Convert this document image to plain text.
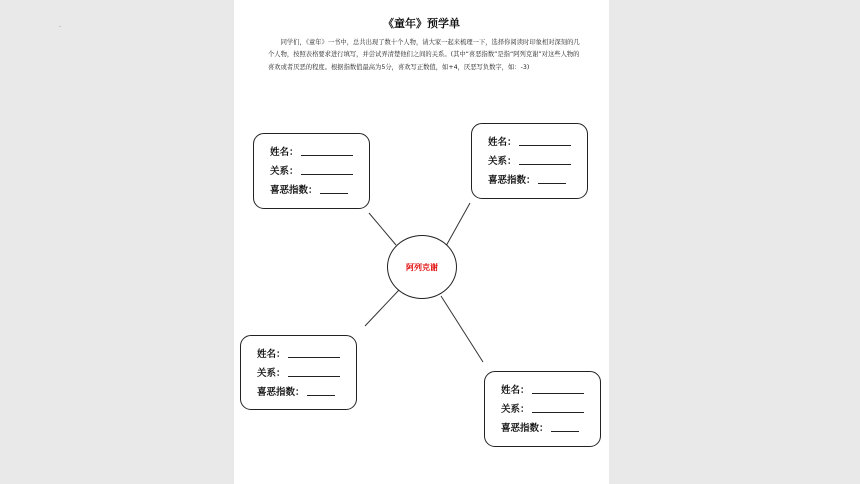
.	《童年》预学单

同学们，《童年》一书中，总共出现了数十个人物，请大家一起来梳理一下，选择你阅读时印象相对深刻的几个人物，按照表格要求进行填写，并尝试弄清楚他们之间的关系。(其中“喜恶指数”是指“阿列克谢”对这些人物的喜欢或者厌恶的程度。根据指数值最高为5分，喜欢写正数值，如+4，厌恶写负数字，如：-3)

姓名：
关系：
喜恶指数：
姓名：
关系：
喜恶指数：
阿列克谢
姓名：
关系：
喜恶指数：	姓名：
关系：
喜恶指数：
